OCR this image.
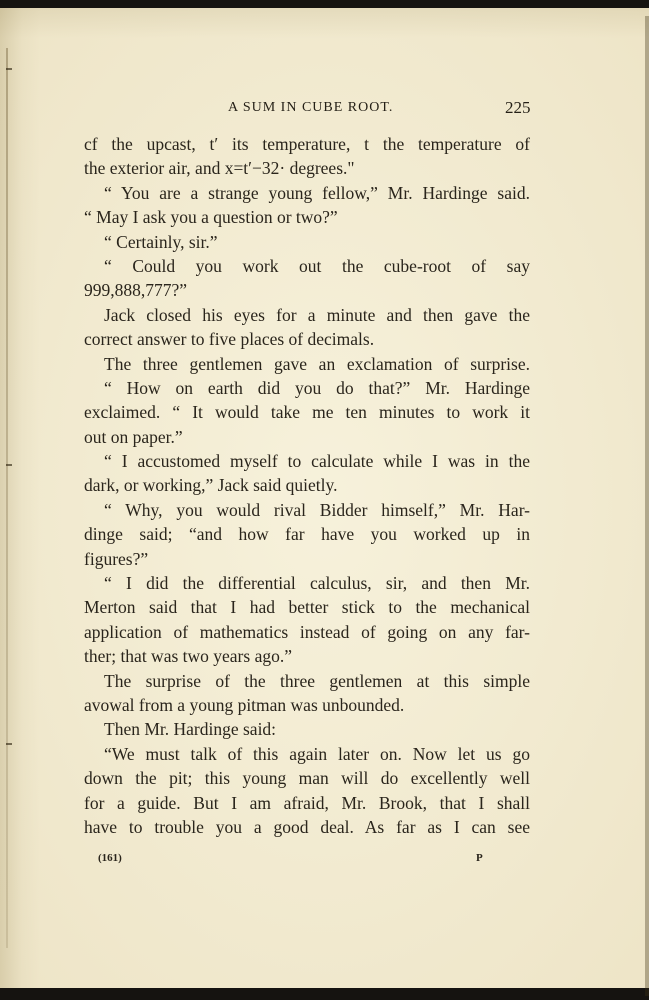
A SUM IN CUBE ROOT.	225
cf the upcast, t′ its temperature, t the temperature of
the exterior air, and x=t′−32· degrees."
“ You are a strange young fellow,” Mr. Hardinge said.
“ May I ask you a question or two?”
“ Certainly, sir.”
“ Could you work out the cube-root of say
999,888,777?”
Jack closed his eyes for a minute and then gave the
correct answer to five places of decimals.
The three gentlemen gave an exclamation of surprise.
“ How on earth did you do that?” Mr. Hardinge
exclaimed. “ It would take me ten minutes to work it
out on paper.”
“ I accustomed myself to calculate while I was in the
dark, or working,” Jack said quietly.
“ Why, you would rival Bidder himself,” Mr. Har-
dinge said; “and how far have you worked up in
figures?”
“ I did the differential calculus, sir, and then Mr.
Merton said that I had better stick to the mechanical
application of mathematics instead of going on any far-
ther; that was two years ago.”
The surprise of the three gentlemen at this simple
avowal from a young pitman was unbounded.
Then Mr. Hardinge said:
“We must talk of this again later on. Now let us go
down the pit; this young man will do excellently well
for a guide. But I am afraid, Mr. Brook, that I shall
have to trouble you a good deal. As far as I can see
(161)	P
